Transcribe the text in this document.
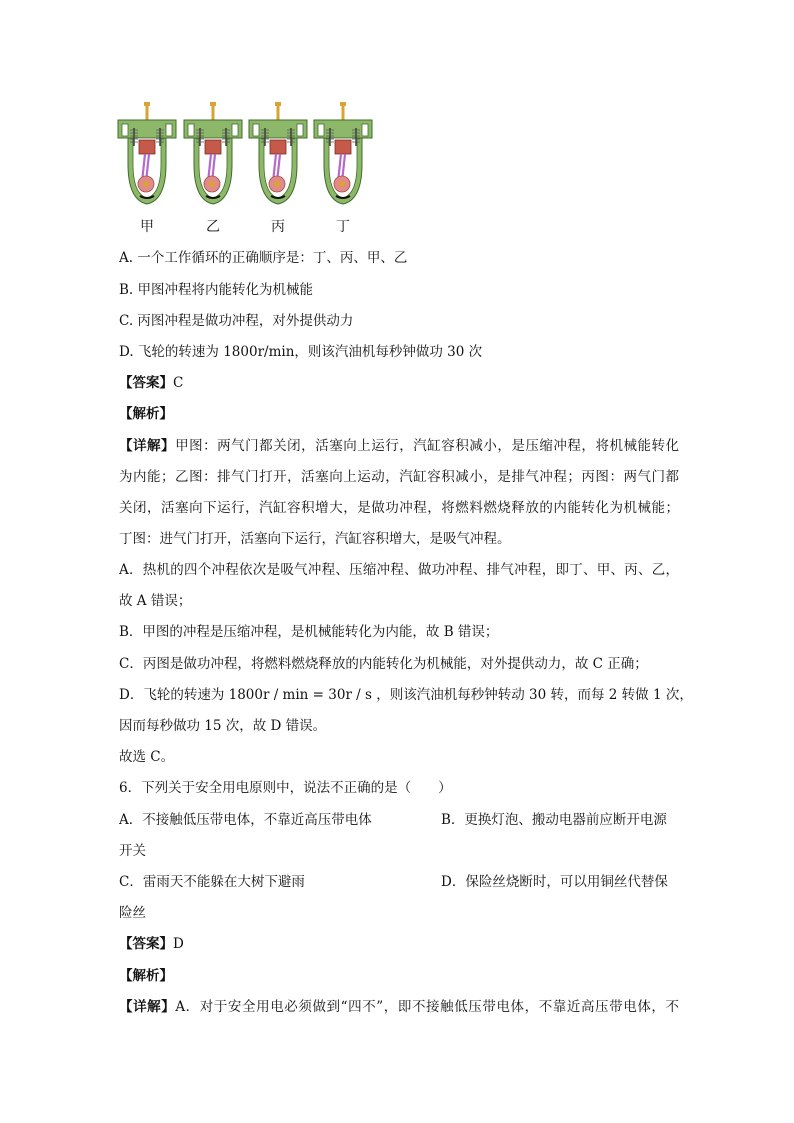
甲	乙	丙	丁
A. 一个工作循环的正确顺序是：丁、丙、甲、乙
B. 甲图冲程将内能转化为机械能
C. 丙图冲程是做功冲程，对外提供动力
D. 飞轮的转速为 1800r/min，则该汽油机每秒钟做功 30 次
【答案】C
【解析】
【详解】甲图：两气门都关闭，活塞向上运行，汽缸容积减小，是压缩冲程，将机械能转化
为内能；乙图：排气门打开，活塞向上运动，汽缸容积减小，是排气冲程；丙图：两气门都
关闭，活塞向下运行，汽缸容积增大，是做功冲程，将燃料燃烧释放的内能转化为机械能；
丁图：进气门打开，活塞向下运行，汽缸容积增大，是吸气冲程。
A．热机的四个冲程依次是吸气冲程、压缩冲程、做功冲程、排气冲程，即丁、甲、丙、乙，
故 A 错误；
B．甲图的冲程是压缩冲程，是机械能转化为内能，故 B 错误；
C．丙图是做功冲程，将燃料燃烧释放的内能转化为机械能，对外提供动力，故 C 正确；
D．飞轮的转速为 1800r / min = 30r / s ，则该汽油机每秒钟转动 30 转，而每 2 转做 1 次，
因而每秒做功 15 次，故 D 错误。
故选 C。
6．下列关于安全用电原则中，说法不正确的是（　　）
A．不接触低压带电体，不靠近高压带电体	B．更换灯泡、搬动电器前应断开电源
开关
C．雷雨天不能躲在大树下避雨	D．保险丝烧断时，可以用铜丝代替保
险丝
【答案】D
【解析】
【详解】A．对于安全用电必须做到“四不”，即不接触低压带电体，不靠近高压带电体，不
